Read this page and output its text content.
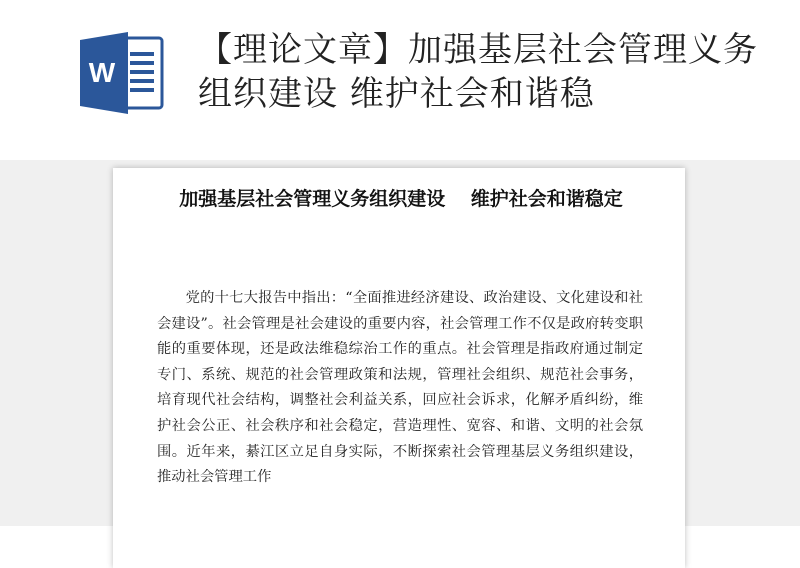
W
【理论文章】加强基层社会管理义务组织建设 维护社会和谐稳
加强基层社会管理义务组织建设　 维护社会和谐稳定

党的十七大报告中指出：“全面推进经济建设、政治建设、文化建设和社会建设”。社会管理是社会建设的重要内容，社会管理工作不仅是政府转变职能的重要体现，还是政法维稳综治工作的重点。社会管理是指政府通过制定专门、系统、规范的社会管理政策和法规，管理社会组织、规范社会事务，培育现代社会结构，调整社会利益关系，回应社会诉求，化解矛盾纠纷，维护社会公正、社会秩序和社会稳定，营造理性、宽容、和谐、文明的社会氛围。近年来，綦江区立足自身实际，不断探索社会管理基层义务组织建设，推动社会管理工作
